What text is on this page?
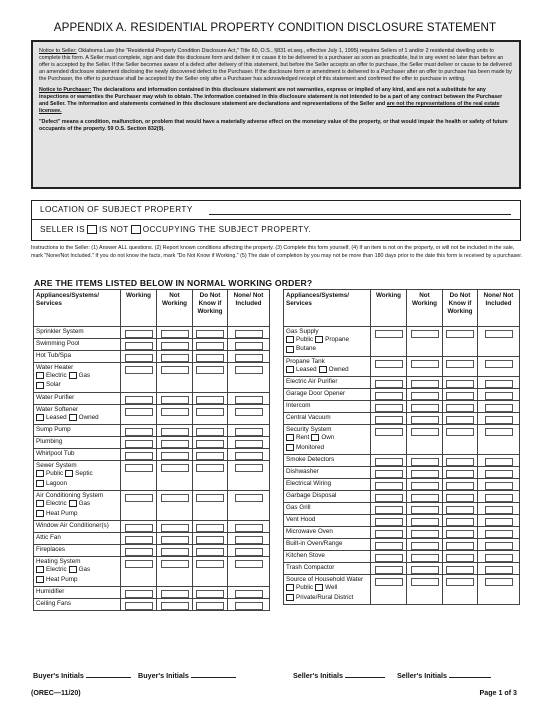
APPENDIX A. RESIDENTIAL PROPERTY CONDITION DISCLOSURE STATEMENT

Notice to Seller: Oklahoma Law (the "Residential Property Condition Disclosure Act," Title 60, O.S., §831 et.seq., effective July 1, 1995) requires Sellers of 1 and/or 2 residential dwelling units to complete this form. A Seller must complete, sign and date this disclosure form and deliver it or cause it to be delivered to a purchaser as soon as practicable, but in any event no later than before an offer is accepted by the Seller. If the Seller becomes aware of a defect after delivery of this statement, but before the Seller accepts an offer to purchase, the Seller must deliver or cause to be delivered an amended disclosure statement disclosing the newly discovered defect to the Purchaser. If the disclosure form or amendment is delivered to a Purchaser after an offer to purchase has been made by the Purchaser, the offer to purchase shall be accepted by the Seller only after a Purchaser has acknowledged receipt of this statement and confirmed the offer to purchase in writing.

Notice to Purchaser: The declarations and information contained in this disclosure statement are not warranties, express or implied of any kind, and are not a substitute for any inspections or warranties the Purchaser may wish to obtain. The information contained in this disclosure statement is not intended to be a part of any contract between the Purchaser and Seller. The information and statements contained in this disclosure statement are declarations and representations of the Seller and are not the representations of the real estate licensee.

"Defect" means a condition, malfunction, or problem that would have a materially adverse effect on the monetary value of the property, or that would impair the health or safety of future occupants of the property. 59 O.S. Section 832(9).

LOCATION OF SUBJECT PROPERTY
SELLER IS IS NOT OCCUPYING THE SUBJECT PROPERTY.
Instructions to the Seller: (1) Answer ALL questions. (2) Report known conditions affecting the property. (3) Complete this form yourself. (4) If an item is not on the property, or will not be included in the sale, mark "None/Not Included." If you do not know the facts, mark "Do Not Know if Working." (5) The date of completion by you may not be more than 180 days prior to the date this form is received by a purchaser.
ARE THE ITEMS LISTED BELOW IN NORMAL WORKING ORDER?
Appliances/Systems/ Services	Working	Not Working	Do Not Know if Working	None/ Not Included

Sprinkler System				

Swimming Pool				

Hot Tub/Spa				

Water Heater
Electric Gas
Solar				

Water Purifier				

Water Softener
Leased Owned				

Sump Pump				

Plumbing				

Whirlpool Tub				

Sewer System
Public Septic
Lagoon				

Air Conditioning System
Electric Gas
Heat Pump				

Window Air Conditioner(s)				

Attic Fan				

Fireplaces				

Heating System
Electric Gas
Heat Pump				

Humidifier				

Ceiling Fans				

Appliances/Systems/ Services	Working	Not Working	Do Not Know if Working	None/ Not Included

Gas Supply
Public Propane
Butane				

Propane Tank
Leased Owned				

Electric Air Purifier				

Garage Door Opener				

Intercom				

Central Vacuum				

Security System
Rent Own
Monitored				

Smoke Detectors				

Dishwasher				

Electrical Wiring				

Garbage Disposal				

Gas Grill				

Vent Hood				

Microwave Oven				

Built-in Oven/Range				

Kitchen Stove				

Trash Compactor				

Source of Household Water
Public Well
Private/Rural District				

Buyer's Initials	Buyer's Initials	Seller's Initials	Seller's Initials
(OREC—11/20)	Page 1 of 3
